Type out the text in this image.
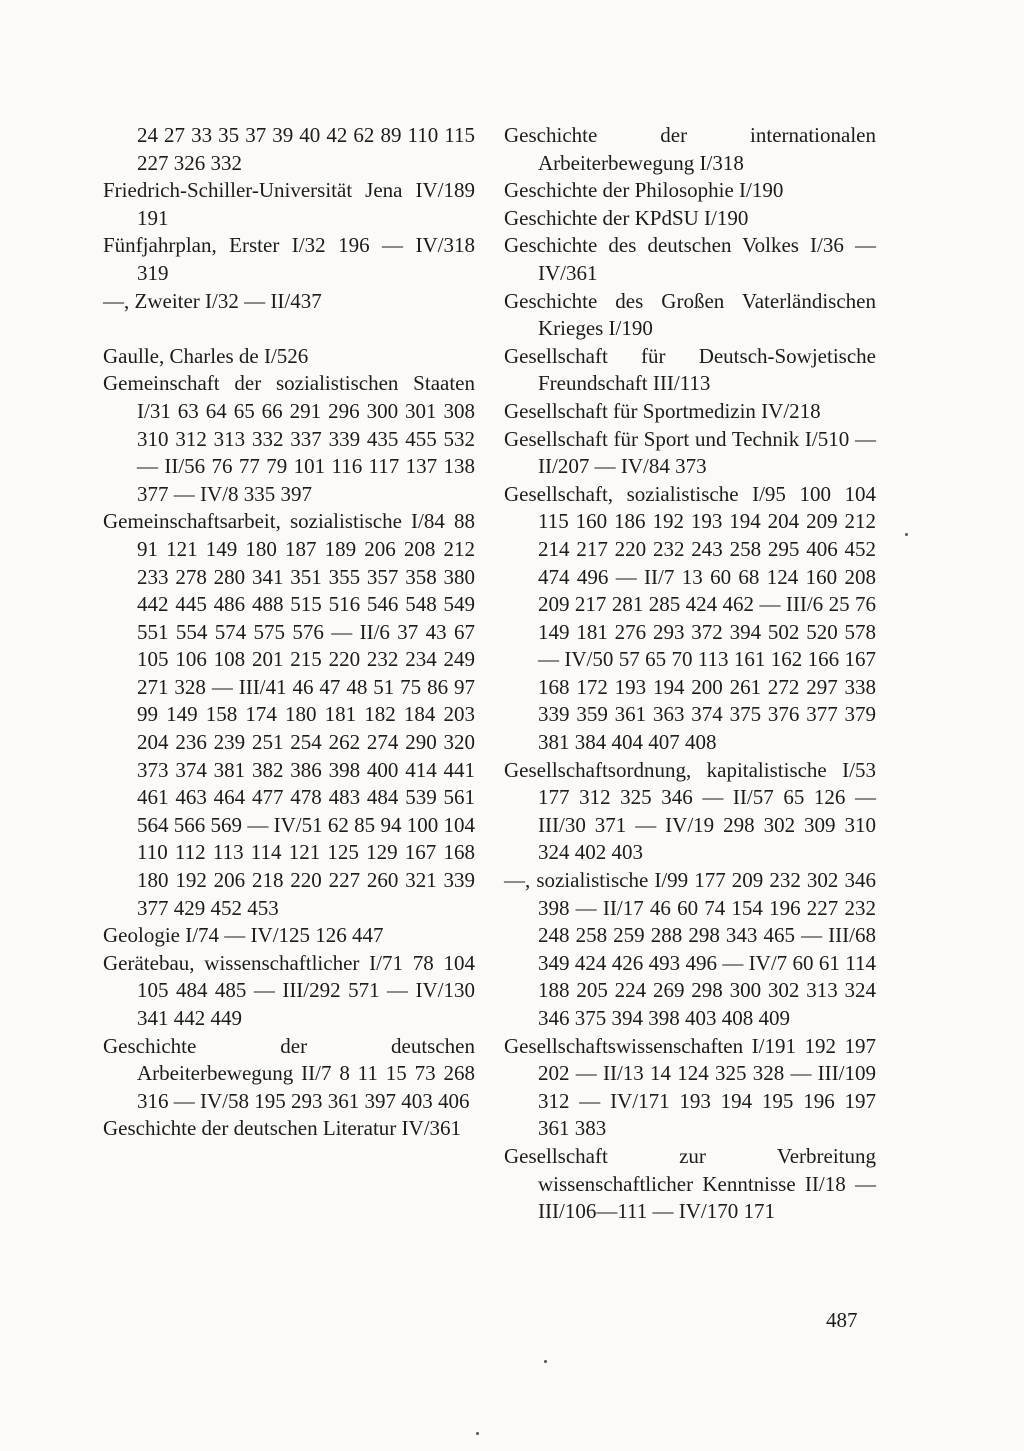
24 27 33 35 37 39 40 42 62 89 110 115 227 326 332
Friedrich-Schiller-Universität Jena IV/189 191
Fünfjahrplan, Erster I/32 196 — IV/318 319
—, Zweiter I/32 — II/437
Gaulle, Charles de I/526
Gemeinschaft der sozialistischen Staaten I/31 63 64 65 66 291 296 300 301 308 310 312 313 332 337 339 435 455 532 — II/56 76 77 79 101 116 117 137 138 377 — IV/8 335 397
Gemeinschaftsarbeit, sozialistische I/84 88 91 121 149 180 187 189 206 208 212 233 278 280 341 351 355 357 358 380 442 445 486 488 515 516 546 548 549 551 554 574 575 576 — II/6 37 43 67 105 106 108 201 215 220 232 234 249 271 328 — III/41 46 47 48 51 75 86 97 99 149 158 174 180 181 182 184 203 204 236 239 251 254 262 274 290 320 373 374 381 382 386 398 400 414 441 461 463 464 477 478 483 484 539 561 564 566 569 — IV/51 62 85 94 100 104 110 112 113 114 121 125 129 167 168 180 192 206 218 220 227 260 321 339 377 429 452 453
Geologie I/74 — IV/125 126 447
Gerätebau, wissenschaftlicher I/71 78 104 105 484 485 — III/292 571 — IV/130 341 442 449
Geschichte der deutschen Arbeiterbewegung II/7 8 11 15 73 268 316 — IV/58 195 293 361 397 403 406
Geschichte der deutschen Literatur IV/361
Geschichte der internationalen Arbeiterbewegung I/318
Geschichte der Philosophie I/190
Geschichte der KPdSU I/190
Geschichte des deutschen Volkes I/36 — IV/361
Geschichte des Großen Vaterländischen Krieges I/190
Gesellschaft für Deutsch-Sowjetische Freundschaft III/113
Gesellschaft für Sportmedizin IV/218
Gesellschaft für Sport und Technik I/510 — II/207 — IV/84 373
Gesellschaft, sozialistische I/95 100 104 115 160 186 192 193 194 204 209 212 214 217 220 232 243 258 295 406 452 474 496 — II/7 13 60 68 124 160 208 209 217 281 285 424 462 — III/6 25 76 149 181 276 293 372 394 502 520 578 — IV/50 57 65 70 113 161 162 166 167 168 172 193 194 200 261 272 297 338 339 359 361 363 374 375 376 377 379 381 384 404 407 408
Gesellschaftsordnung, kapitalistische I/53 177 312 325 346 — II/57 65 126 — III/30 371 — IV/19 298 302 309 310 324 402 403
—, sozialistische I/99 177 209 232 302 346 398 — II/17 46 60 74 154 196 227 232 248 258 259 288 298 343 465 — III/68 349 424 426 493 496 — IV/7 60 61 114 188 205 224 269 298 300 302 313 324 346 375 394 398 403 408 409
Gesellschaftswissenschaften I/191 192 197 202 — II/13 14 124 325 328 — III/109 312 — IV/171 193 194 195 196 197 361 383
Gesellschaft zur Verbreitung wissenschaftlicher Kenntnisse II/18 — III/106—111 — IV/170 171
487
